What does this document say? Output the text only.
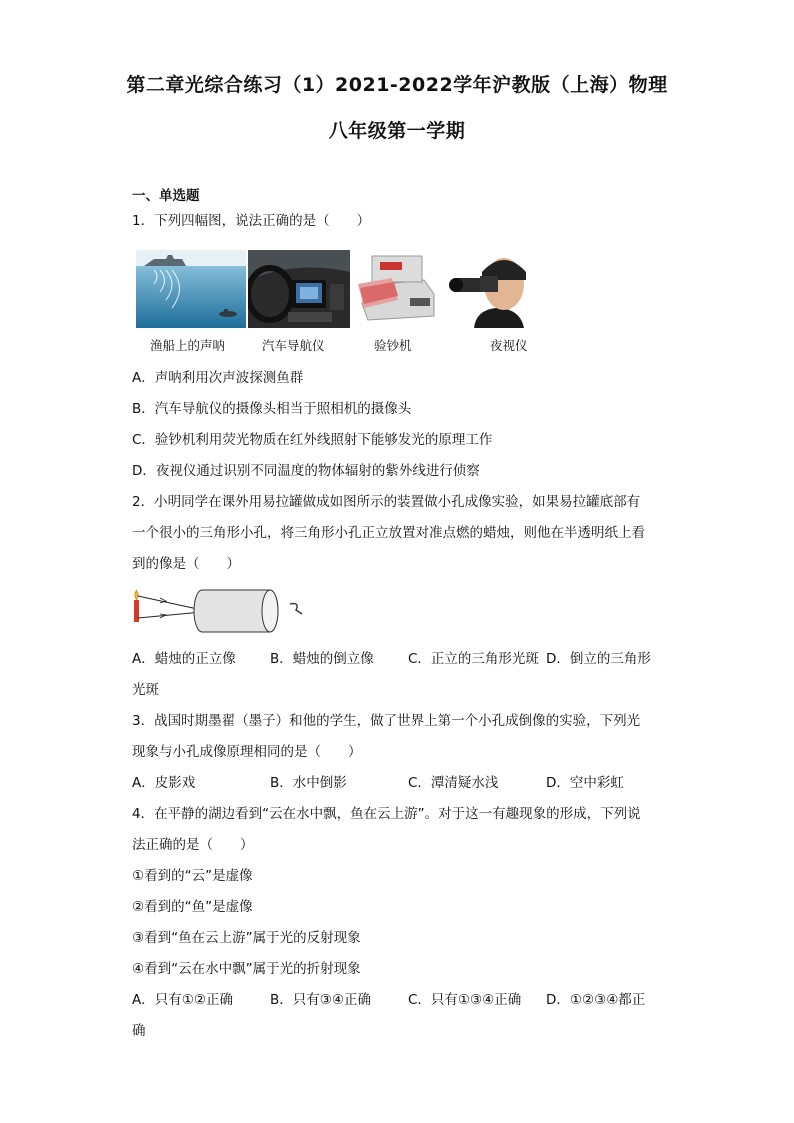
第二章光综合练习（1）2021-2022学年沪教版（上海）物理
八年级第一学期
一、单选题
1．下列四幅图，说法正确的是（　　）
渔船上的声呐	汽车导航仪	验钞机	夜视仪
A．声呐利用次声波探测鱼群
B．汽车导航仪的摄像头相当于照相机的摄像头
C．验钞机利用荧光物质在红外线照射下能够发光的原理工作
D．夜视仪通过识别不同温度的物体辐射的紫外线进行侦察
2．小明同学在课外用易拉罐做成如图所示的装置做小孔成像实验，如果易拉罐底部有
一个很小的三角形小孔，将三角形小孔正立放置对准点燃的蜡烛，则他在半透明纸上看
到的像是（　　）
A．蜡烛的正立像	B．蜡烛的倒立像	C．正立的三角形光斑 D．倒立的三角形
光斑
3．战国时期墨翟（墨子）和他的学生，做了世界上第一个小孔成倒像的实验，下列光
现象与小孔成像原理相同的是（　　）
A．皮影戏	B．水中倒影	C．潭清疑水浅	D．空中彩虹
4．在平静的湖边看到“云在水中飘，鱼在云上游”。对于这一有趣现象的形成，下列说
法正确的是（　　）
①看到的“云”是虚像
②看到的“鱼”是虚像
③看到“鱼在云上游”属于光的反射现象
④看到“云在水中飘”属于光的折射现象
A．只有①②正确	B．只有③④正确	C．只有①③④正确 D．①②③④都正
确
